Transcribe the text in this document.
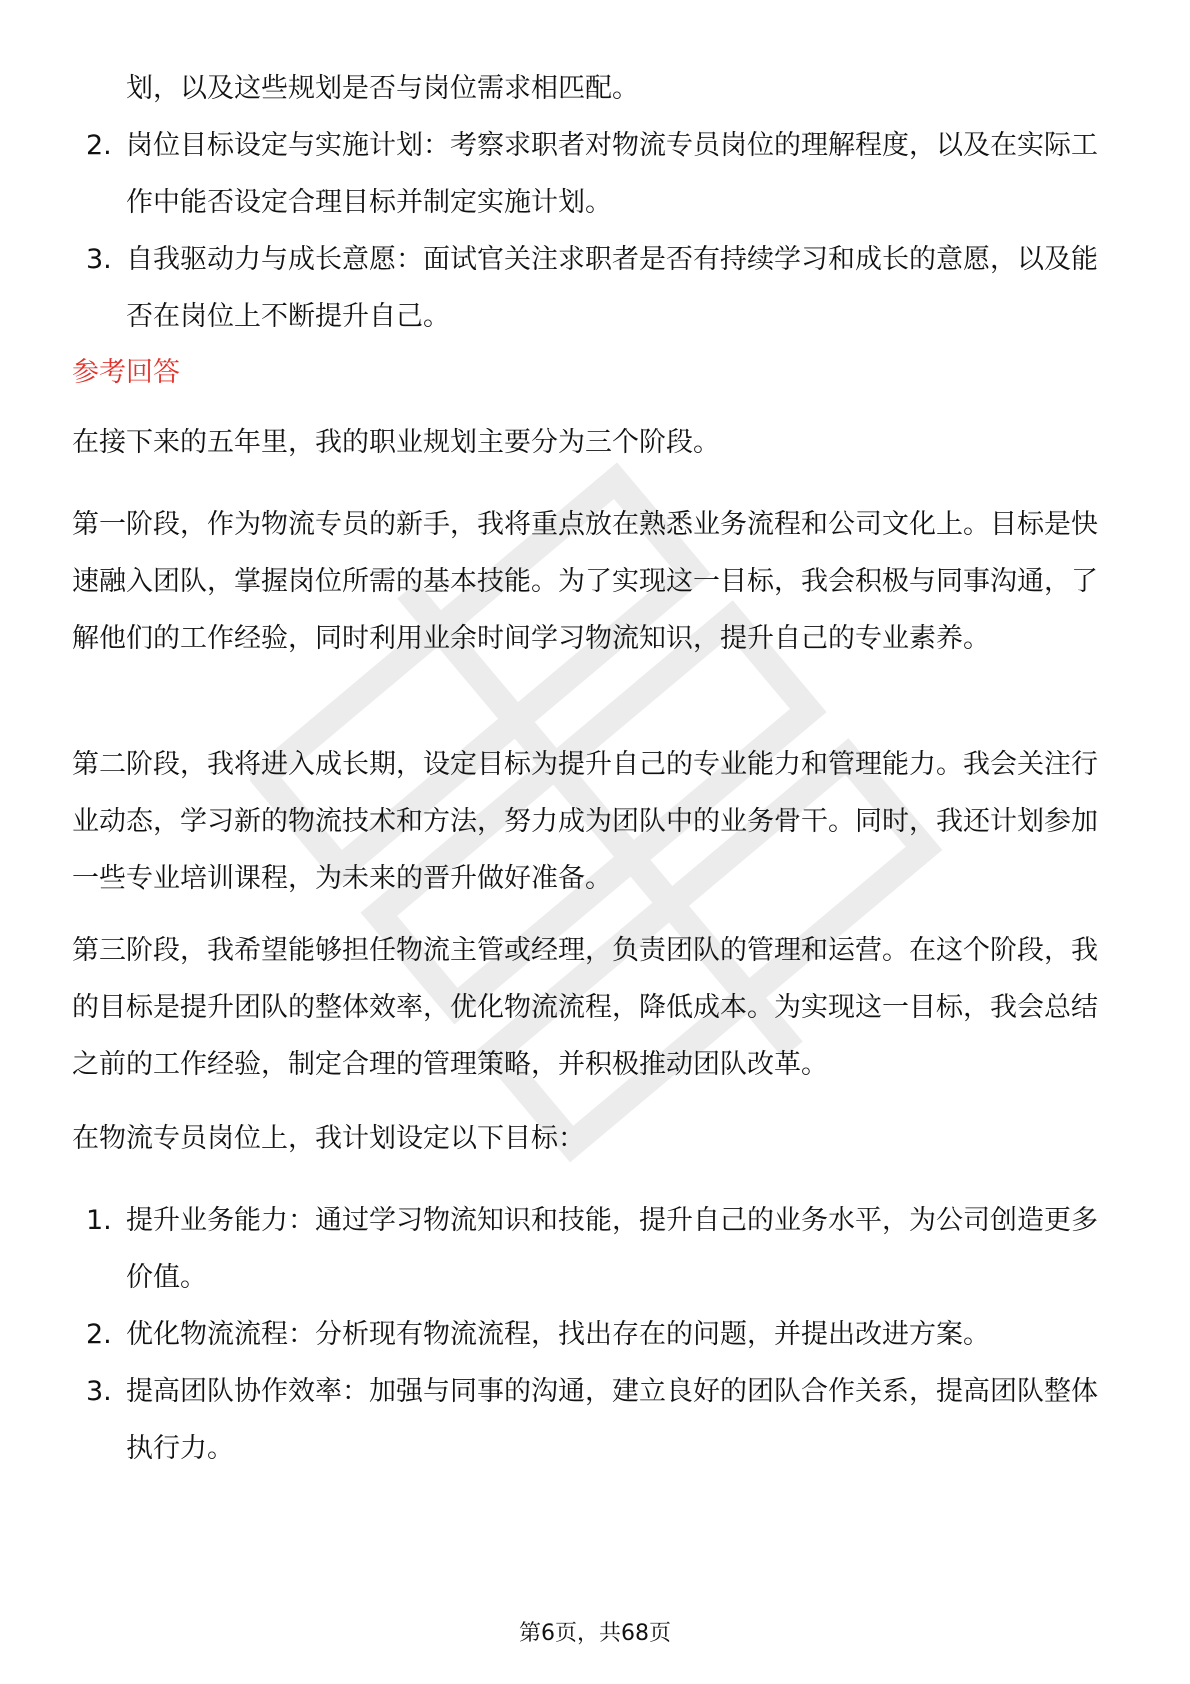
划，以及这些规划是否与岗位需求相匹配。
2. 岗位目标设定与实施计划：考察求职者对物流专员岗位的理解程度，以及在实际工作中能否设定合理目标并制定实施计划。
3. 自我驱动力与成长意愿：面试官关注求职者是否有持续学习和成长的意愿，以及能否在岗位上不断提升自己。
参考回答
在接下来的五年里，我的职业规划主要分为三个阶段。
第一阶段，作为物流专员的新手，我将重点放在熟悉业务流程和公司文化上。目标是快速融入团队，掌握岗位所需的基本技能。为了实现这一目标，我会积极与同事沟通，了解他们的工作经验，同时利用业余时间学习物流知识，提升自己的专业素养。
第二阶段，我将进入成长期，设定目标为提升自己的专业能力和管理能力。我会关注行业动态，学习新的物流技术和方法，努力成为团队中的业务骨干。同时，我还计划参加一些专业培训课程，为未来的晋升做好准备。
第三阶段，我希望能够担任物流主管或经理，负责团队的管理和运营。在这个阶段，我的目标是提升团队的整体效率，优化物流流程，降低成本。为实现这一目标，我会总结之前的工作经验，制定合理的管理策略，并积极推动团队改革。
在物流专员岗位上，我计划设定以下目标：
1. 提升业务能力：通过学习物流知识和技能，提升自己的业务水平，为公司创造更多价值。
2. 优化物流流程：分析现有物流流程，找出存在的问题，并提出改进方案。
3. 提高团队协作效率：加强与同事的沟通，建立良好的团队合作关系，提高团队整体执行力。
第6页，共68页
